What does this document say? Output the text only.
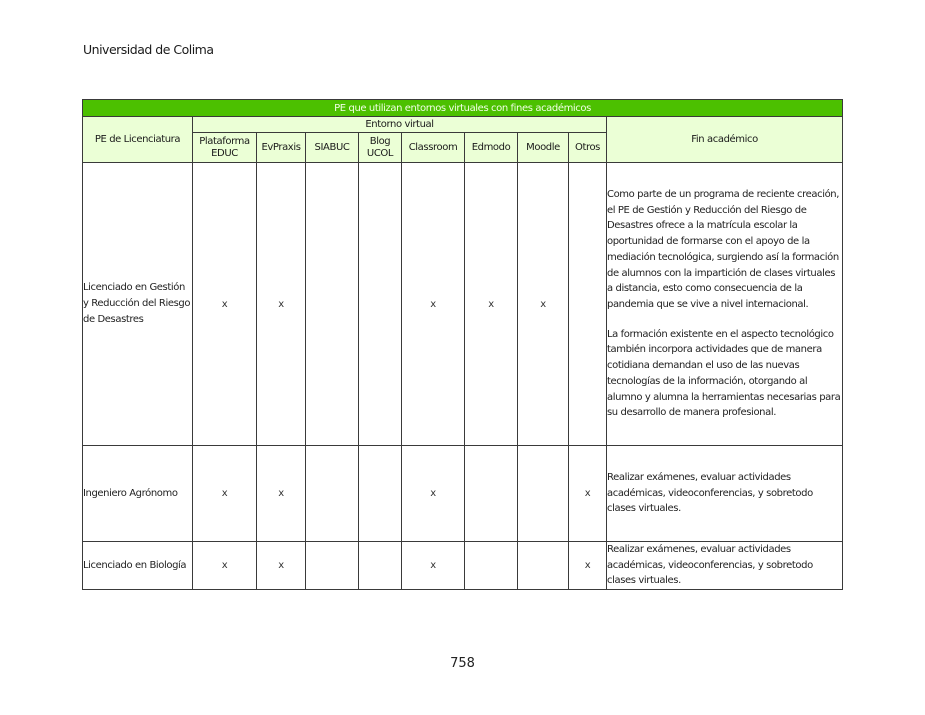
Universidad de Colima
PE que utilizan entornos virtuales con fines académicos									
PE de Licenciatura	Entorno virtual								Fin académico
	Plataforma EDUC	EvPraxis	SIABUC	Blog UCOL	Classroom	Edmodo	Moodle	Otros	
Licenciado en Gestión y Reducción del Riesgo de Desastres	x	x			x	x	x		Como parte de un programa de reciente creación, el PE de Gestión y Reducción del Riesgo de Desastres ofrece a la matrícula escolar la oportunidad de formarse con el apoyo de la mediación tecnológica, surgiendo así la formación de alumnos con la impartición de clases virtuales a distancia, esto como consecuencia de la pandemia que se vive a nivel internacional.

La formación existente en el aspecto tecnológico también incorpora actividades que de manera cotidiana demandan el uso de las nuevas tecnologías de la información, otorgando al alumno y alumna la herramientas necesarias para su desarrollo de manera profesional.

Ingeniero Agrónomo	x	x			x			x	Realizar exámenes, evaluar actividades académicas, videoconferencias, y sobretodo clases virtuales.

Licenciado en Biología	x	x			x			x	Realizar exámenes, evaluar actividades académicas, videoconferencias, y sobretodo clases virtuales.

758
